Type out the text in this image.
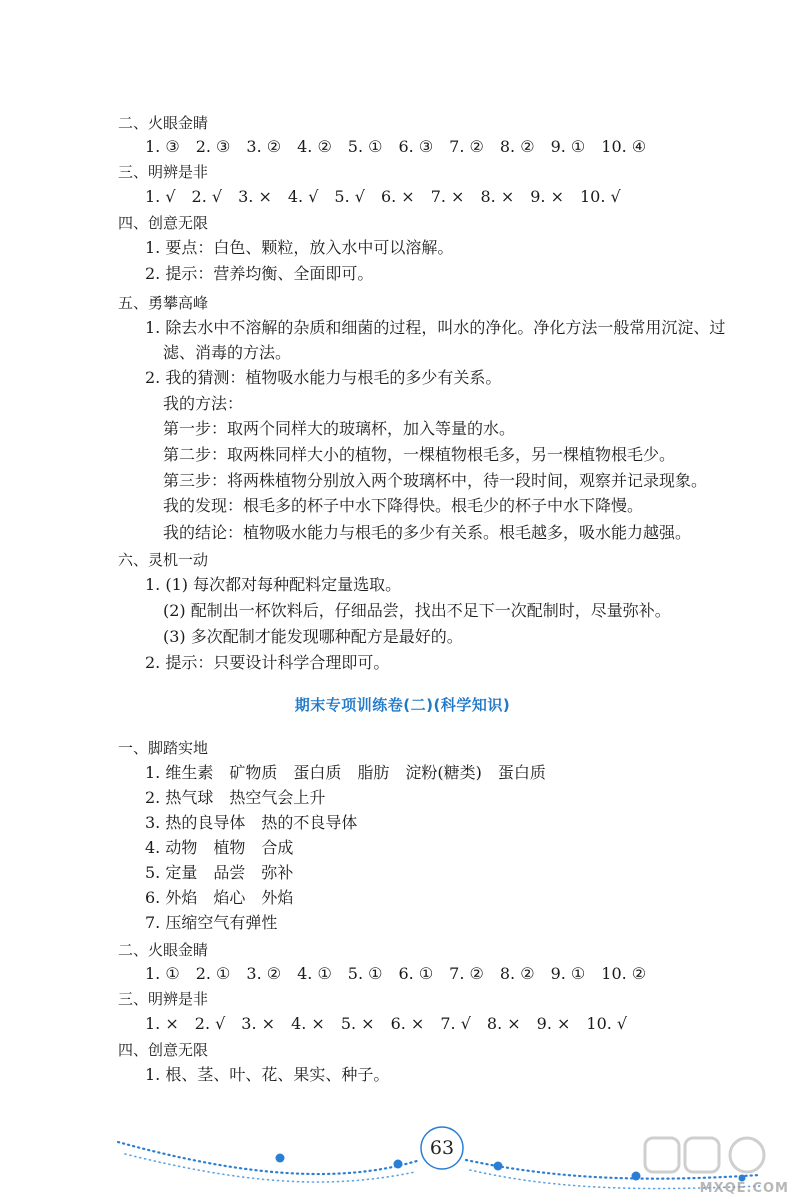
二、火眼金睛
1. ③　2. ③　3. ②　4. ②　5. ①　6. ③　7. ②　8. ②　9. ①　10. ④
三、明辨是非
1. √　2. √　3. ×　4. √　5. √　6. ×　7. ×　8. ×　9. ×　10. √
四、创意无限
1. 要点：白色、颗粒，放入水中可以溶解。
2. 提示：营养均衡、全面即可。
五、勇攀高峰
1. 除去水中不溶解的杂质和细菌的过程，叫水的净化。净化方法一般常用沉淀、过
滤、消毒的方法。
2. 我的猜测：植物吸水能力与根毛的多少有关系。
我的方法：
第一步：取两个同样大的玻璃杯，加入等量的水。
第二步：取两株同样大小的植物，一棵植物根毛多，另一棵植物根毛少。
第三步：将两株植物分别放入两个玻璃杯中，待一段时间，观察并记录现象。
我的发现：根毛多的杯子中水下降得快。根毛少的杯子中水下降慢。
我的结论：植物吸水能力与根毛的多少有关系。根毛越多，吸水能力越强。
六、灵机一动
1. (1) 每次都对每种配料定量选取。
(2) 配制出一杯饮料后，仔细品尝，找出不足下一次配制时，尽量弥补。
(3) 多次配制才能发现哪种配方是最好的。
2. 提示：只要设计科学合理即可。
期末专项训练卷(二)(科学知识)
一、脚踏实地
1. 维生素　矿物质　蛋白质　脂肪　淀粉(糖类)　蛋白质
2. 热气球　热空气会上升
3. 热的良导体　热的不良导体
4. 动物　植物　合成
5. 定量　品尝　弥补
6. 外焰　焰心　外焰
7. 压缩空气有弹性
二、火眼金睛
1. ①　2. ①　3. ②　4. ①　5. ①　6. ①　7. ②　8. ②　9. ①　10. ②
三、明辨是非
1. ×　2. √　3. ×　4. ×　5. ×　6. ×　7. √　8. ×　9. ×　10. √
四、创意无限
1. 根、茎、叶、花、果实、种子。
63
MXQE.COM
